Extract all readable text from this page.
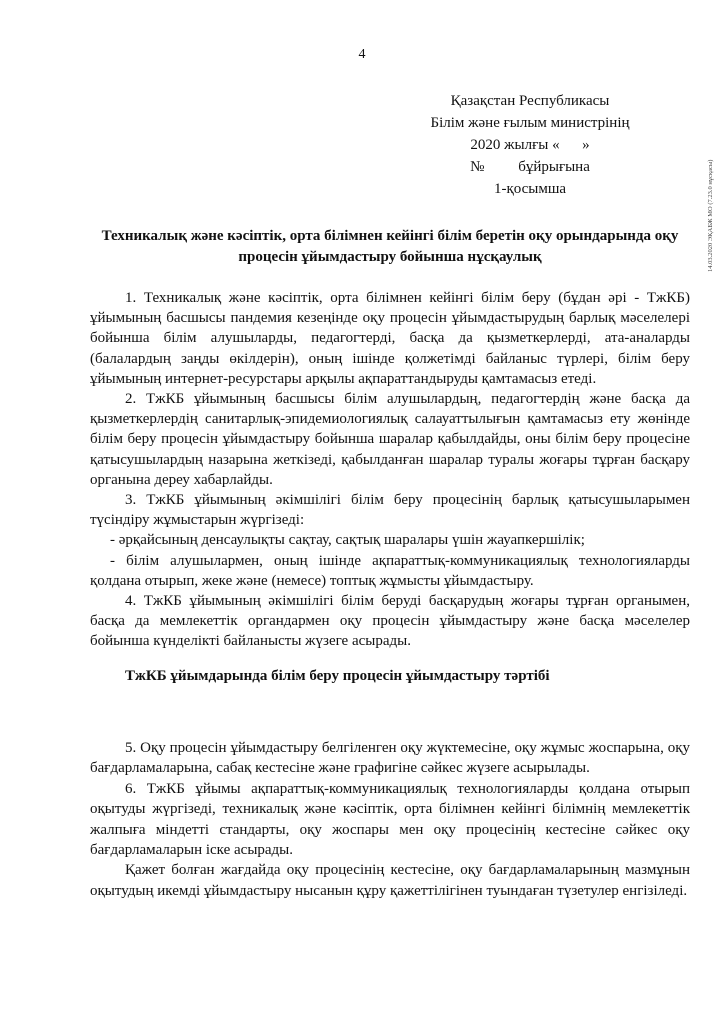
4
14.03.2020 ЭҚАБЖ МО (7.23.0 нұсқасы)
Қазақстан Республикасы
Білім және ғылым министрінің
2020 жылғы «      »
№         бұйрығына
1-қосымша
Техникалық және кәсіптік, орта білімнен кейінгі білім беретін оқу орындарында оқу процесін ұйымдастыру бойынша нұсқаулық

1. Техникалық және кәсіптік, орта білімнен кейінгі білім беру (бұдан әрі - ТжКБ) ұйымының басшысы пандемия кезеңінде оқу процесін ұйымдастырудың барлық мәселелері бойынша білім алушыларды, педагогтерді, басқа да қызметкерлерді, ата-аналарды (балалардың заңды өкілдерін), оның ішінде қолжетімді байланыс түрлері, білім беру ұйымының интернет-ресурстары арқылы ақпараттандыруды қамтамасыз етеді.

2. ТжКБ ұйымының басшысы білім алушылардың, педагогтердің және басқа да қызметкерлердің санитарлық-эпидемиологиялық салауаттылығын қамтамасыз ету жөнінде білім беру процесін ұйымдастыру бойынша шаралар қабылдайды, оны білім беру процесіне қатысушылардың назарына жеткізеді, қабылданған шаралар туралы жоғары тұрған басқару органына дереу хабарлайды.

3. ТжКБ ұйымының әкімшілігі білім беру процесінің барлық қатысушыларымен түсіндіру жұмыстарын жүргізеді:

- әрқайсының денсаулықты сақтау, сақтық шаралары үшін жауапкершілік;

- білім алушылармен, оның ішінде ақпараттық-коммуникациялық технологияларды қолдана отырып, жеке және (немесе) топтық жұмысты ұйымдастыру.

4. ТжКБ ұйымының әкімшілігі білім беруді басқарудың жоғары тұрған органымен, басқа да мемлекеттік органдармен оқу процесін ұйымдастыру және басқа мәселелер бойынша күнделікті байланысты жүзеге асырады.

ТжКБ ұйымдарында білім беру процесін ұйымдастыру тәртібі

5. Оқу процесін ұйымдастыру белгіленген оқу жүктемесіне, оқу жұмыс жоспарына, оқу бағдарламаларына, сабақ кестесіне және графигіне сәйкес жүзеге асырылады.

6. ТжКБ ұйымы ақпараттық-коммуникациялық технологияларды қолдана отырып оқытуды жүргізеді, техникалық және кәсіптік, орта білімнен кейінгі білімнің мемлекеттік жалпыға міндетті стандарты, оқу жоспары мен оқу процесінің кестесіне сәйкес оқу бағдарламаларын іске асырады.

Қажет болған жағдайда оқу процесінің кестесіне, оқу бағдарламаларының мазмұнын оқытудың икемді ұйымдастыру нысанын құру қажеттілігінен туындаған түзетулер енгізіледі.
